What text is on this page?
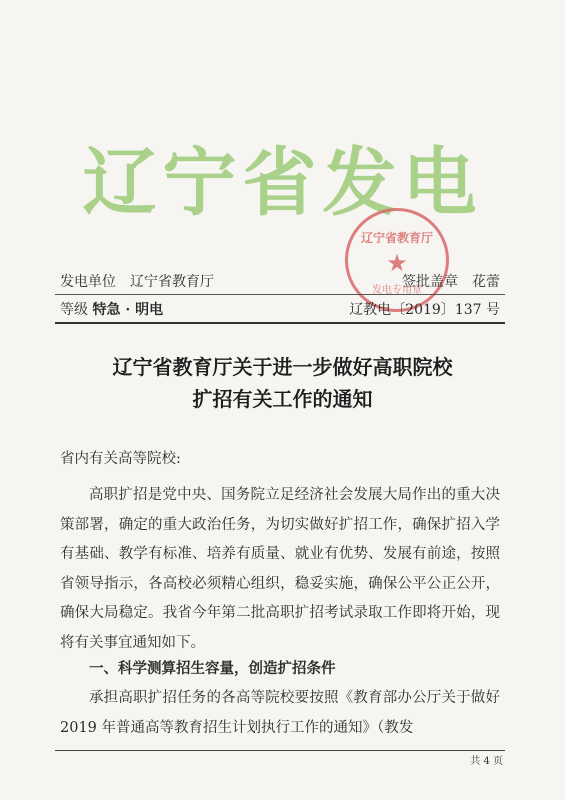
辽宁省发电
辽宁省教育厅
★
发电专用章
发电单位　辽宁省教育厅	签批盖章　花蕾
等级 特急 · 明电	辽教电〔2019〕137 号
辽宁省教育厅关于进一步做好高职院校
扩招有关工作的通知
省内有关高等院校:
高职扩招是党中央、国务院立足经济社会发展大局作出的重大决策部署，确定的重大政治任务，为切实做好扩招工作，确保扩招入学有基础、教学有标准、培养有质量、就业有优势、发展有前途，按照省领导指示，各高校必须精心组织，稳妥实施，确保公平公正公开，确保大局稳定。我省今年第二批高职扩招考试录取工作即将开始，现将有关事宜通知如下。
一、科学测算招生容量，创造扩招条件
承担高职扩招任务的各高等院校要按照《教育部办公厅关于做好 2019 年普通高等教育招生计划执行工作的通知》（教发
共 4 页
